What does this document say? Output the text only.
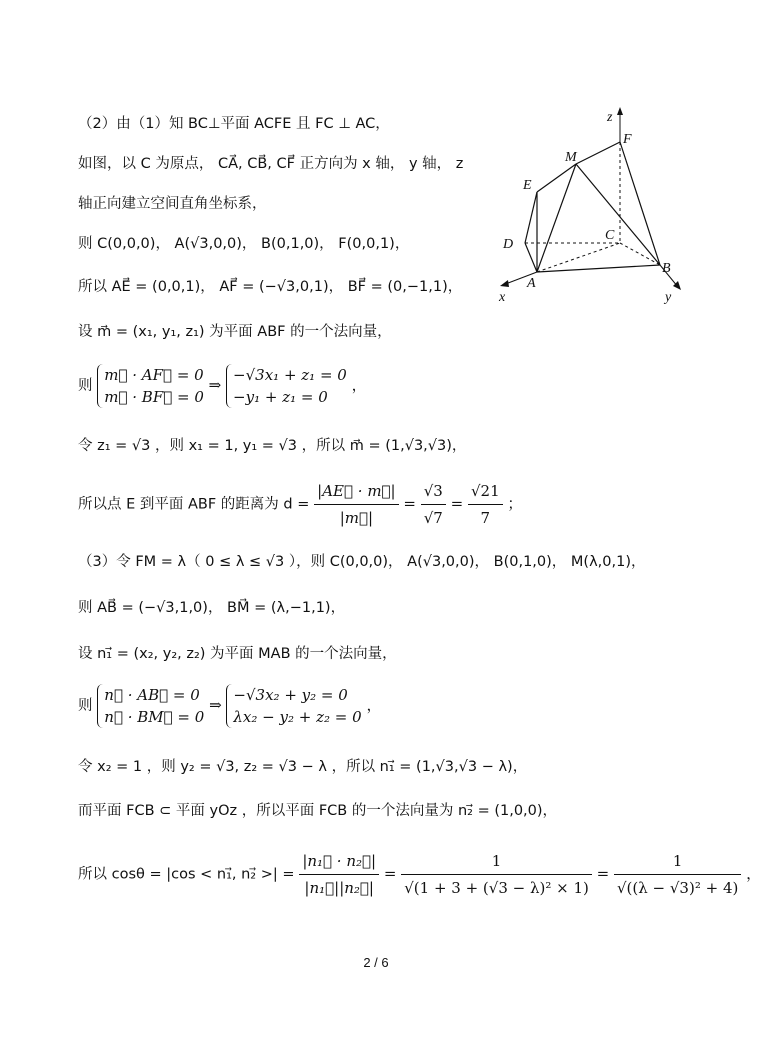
（2）由（1）知 BC⊥平面 ACFE 且 FC ⊥ AC，
如图，以 C 为原点， CA⃗, CB⃗, CF⃗ 正方向为 x 轴， y 轴， z
轴正向建立空间直角坐标系，
则 C(0,0,0)， A(√3,0,0)， B(0,1,0)， F(0,0,1)，
所以 AE⃗ = (0,0,1)， AF⃗ = (−√3,0,1)， BF⃗ = (0,−1,1)，
设 m⃗ = (x₁, y₁, z₁) 为平面 ABF 的一个法向量，
则 m⃗ · AF⃗ = 0
m⃗ · BF⃗ = 0 ⇒ −√3x₁ + z₁ = 0
−y₁ + z₁ = 0 ，
令 z₁ = √3 ，则 x₁ = 1, y₁ = √3 ，所以 m⃗ = (1,√3,√3)，
所以点 E 到平面 ABF 的距离为 $d = \frac{|AE⃗ \cdot m⃗|}{|m⃗|} = \frac{√3}{√7} = \frac{√21}{7}$ ；
（3）令 FM = λ（ 0 ≤ λ ≤ √3 ），则 C(0,0,0)， A(√3,0,0)， B(0,1,0)， M(λ,0,1)，
则 AB⃗ = (−√3,1,0)， BM⃗ = (λ,−1,1)，
设 n₁⃗ = (x₂, y₂, z₂) 为平面 MAB 的一个法向量，
则 n⃗ · AB⃗ = 0
n⃗ · BM⃗ = 0 ⇒ −√3x₂ + y₂ = 0
λx₂ − y₂ + z₂ = 0 ，
令 x₂ = 1 ，则 y₂ = √3, z₂ = √3 − λ ，所以 n₁⃗ = (1,√3,√3 − λ)，
而平面 FCB ⊂ 平面 yOz ，所以平面 FCB 的一个法向量为 n₂⃗ = (1,0,0)，
所以 cosθ = |cos < n₁⃗, n₂⃗ >| = $\frac{\text{|n₁⃗ · n₂⃗|}}{\text{|n₁⃗||n₂⃗|}} = \frac{1}{\text{√(1 + 3 + (√3 − λ)² × 1)}} = \frac{1}{\text{√((λ − √3)² + 4)}}$ ，
z
F
M
E
C
D
A
B
x	y
2 / 6
